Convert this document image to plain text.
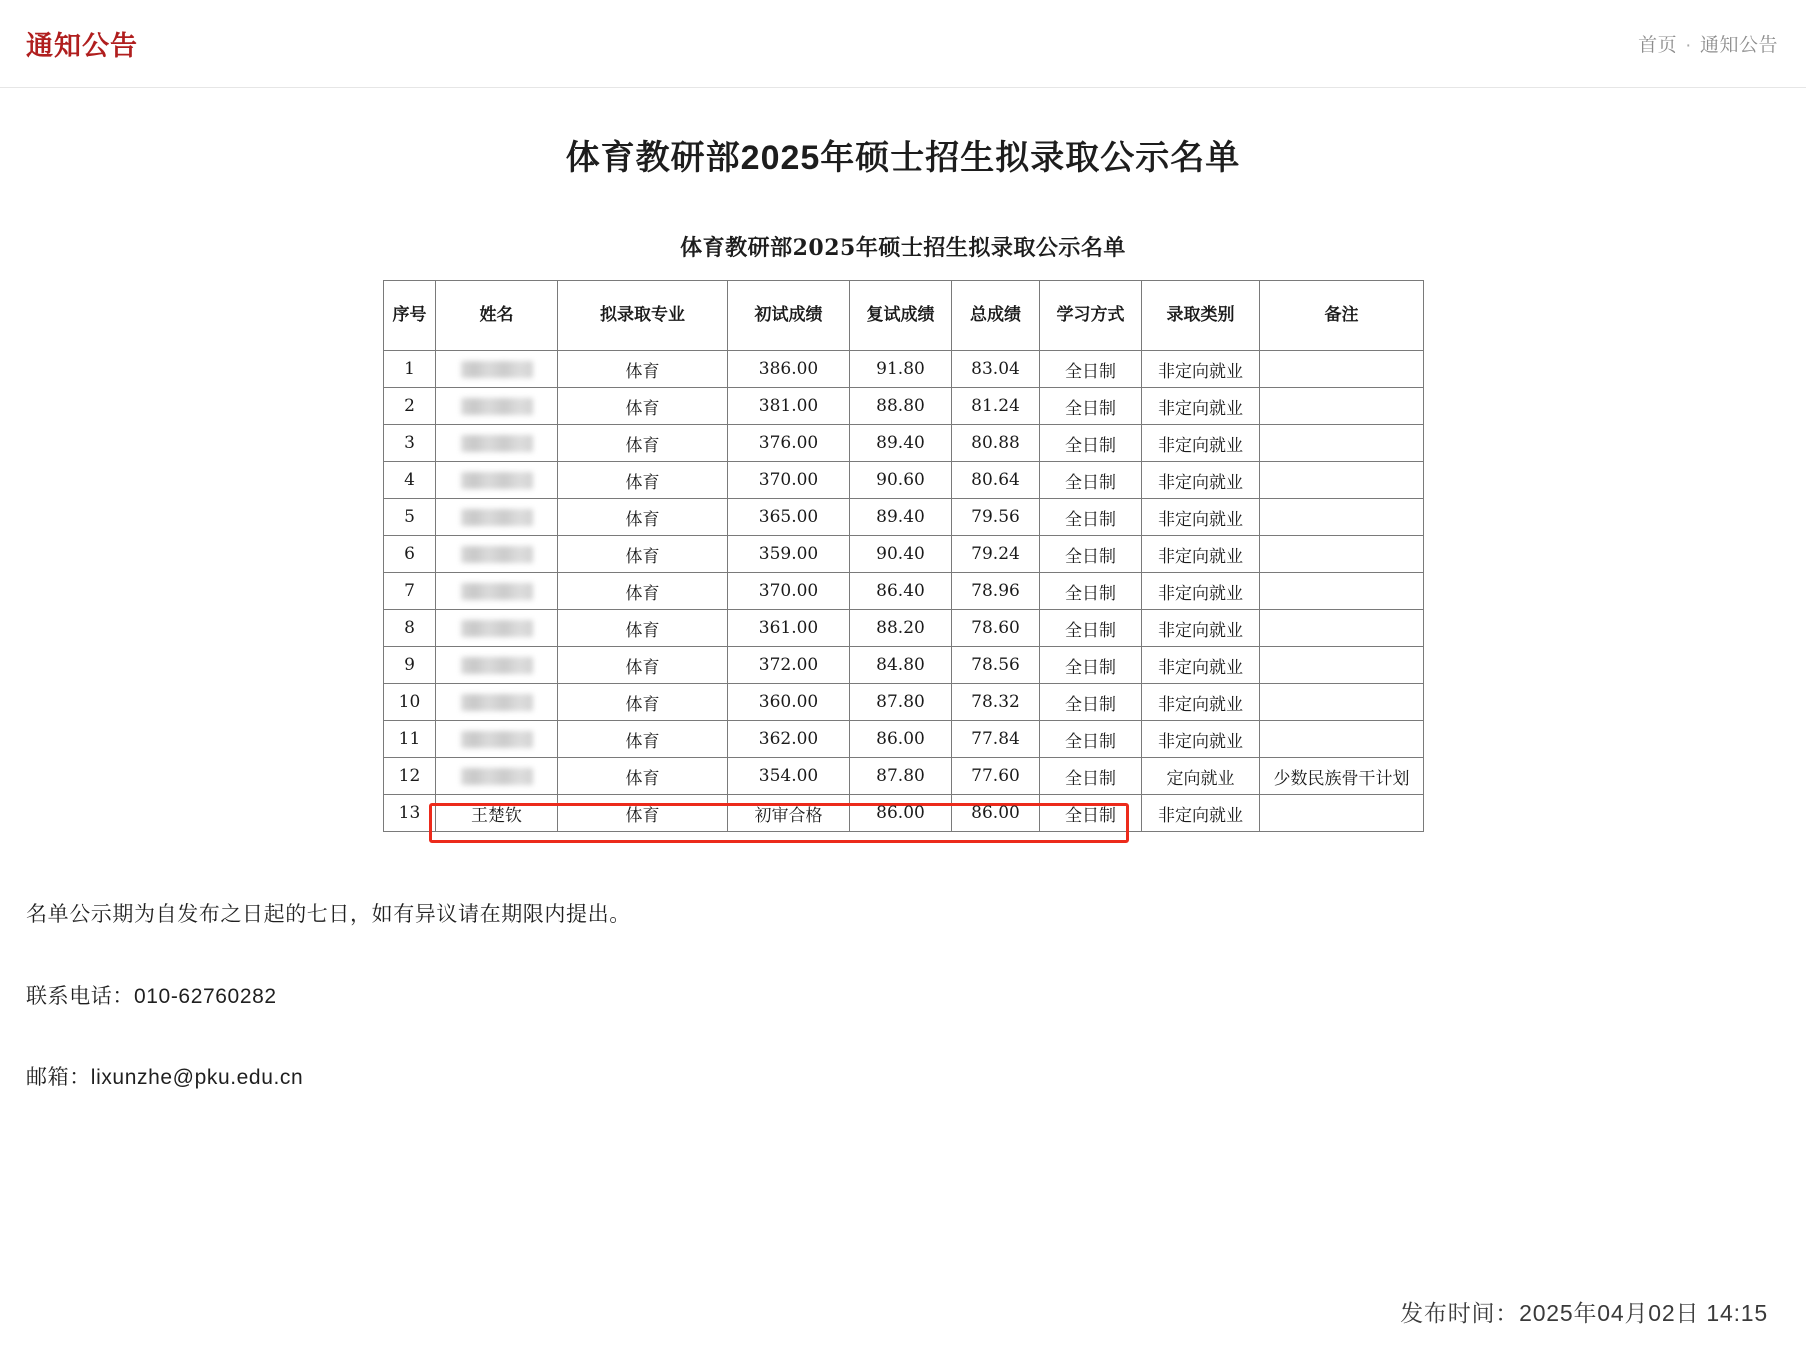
通知公告	首页 · 通知公告
体育教研部2025年硕士招生拟录取公示名单
体育教研部2025年硕士招生拟录取公示名单
序号	姓名	拟录取专业	初试成绩	复试成绩	总成绩	学习方式	录取类别	备注
1		体育	386.00	91.80	83.04	全日制	非定向就业	
2		体育	381.00	88.80	81.24	全日制	非定向就业	
3		体育	376.00	89.40	80.88	全日制	非定向就业	
4		体育	370.00	90.60	80.64	全日制	非定向就业	
5		体育	365.00	89.40	79.56	全日制	非定向就业	
6		体育	359.00	90.40	79.24	全日制	非定向就业	
7		体育	370.00	86.40	78.96	全日制	非定向就业	
8		体育	361.00	88.20	78.60	全日制	非定向就业	
9		体育	372.00	84.80	78.56	全日制	非定向就业	
10		体育	360.00	87.80	78.32	全日制	非定向就业	
11		体育	362.00	86.00	77.84	全日制	非定向就业	
12		体育	354.00	87.80	77.60	全日制	定向就业	少数民族骨干计划
13	王楚钦	体育	初审合格	86.00	86.00	全日制	非定向就业	

名单公示期为自发布之日起的七日，如有异议请在期限内提出。

联系电话：010-62760282

邮箱：lixunzhe@pku.edu.cn

发布时间：2025年04月02日 14:15
